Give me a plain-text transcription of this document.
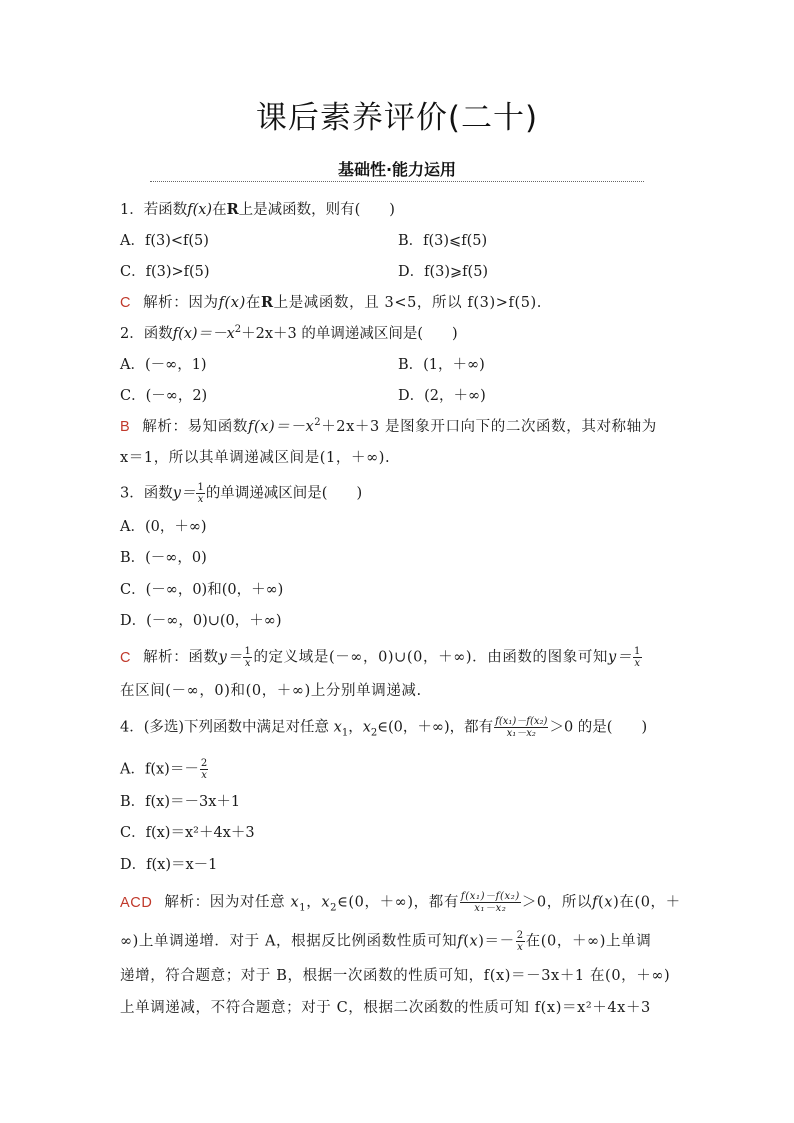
课后素养评价(二十)
基础性·能力运用
1．若函数f(x)在R上是减函数，则有(　　)
A．f(3)<f(5)	B．f(3)⩽f(5)
C．f(3)>f(5)	D．f(3)⩾f(5)
C 解析：因为f(x)在R上是减函数，且 3<5，所以 f(3)>f(5).
2．函数$f(x)=-x^2+2x+3$ 的单调递减区间是(　　)
A．(－∞，1)	B．(1，＋∞)
C．(－∞，2)	D．(2，＋∞)
B 解析：易知函数$f(x)=-x^2+2x+3$ 是图象开口向下的二次函数，其对称轴为
x＝1，所以其单调递减区间是(1，＋∞).
3．函数$y= \frac{1}{x}$ 的单调递减区间是(　　)
A．(0，＋∞)
B．(－∞，0)
C．(－∞，0)和(0，＋∞)
D．(－∞，0)∪(0，＋∞)
C 解析：函数$y= \frac{1}{x}$ 的定义域是(－∞，0)∪(0，＋∞)．由函数的图象可知$y= \frac{1}{x}$
在区间(－∞，0)和(0，＋∞)上分别单调递减.
4．(多选)下列函数中满足对任意 $x_1$，$x_2\in(0$，＋∞)，都有 $\frac{\text{f(x₁)－f(x₂)}}{\text{x₁－x₂}} >0$ 的是(　　)
A．$f(x)=- \frac{2}{x}$
B．f(x)＝－3x＋1
C．f(x)＝x²＋4x＋3
D．f(x)＝x－1
ACD 解析：因为对任意 $x_1$，$x_2\in(0$，＋∞)，都有 $\frac{\text{f(x₁)－f(x₂)}}{\text{x₁－x₂}} >0$，所以f(x)在(0，＋
∞)上单调递增．对于 A，根据反比例函数性质可知$f(x)=- \frac{2}{x}$ 在(0，＋∞)上单调
递增，符合题意；对于 B，根据一次函数的性质可知，f(x)＝－3x＋1 在(0，＋∞)
上单调递减，不符合题意；对于 C，根据二次函数的性质可知 f(x)＝x²＋4x＋3
